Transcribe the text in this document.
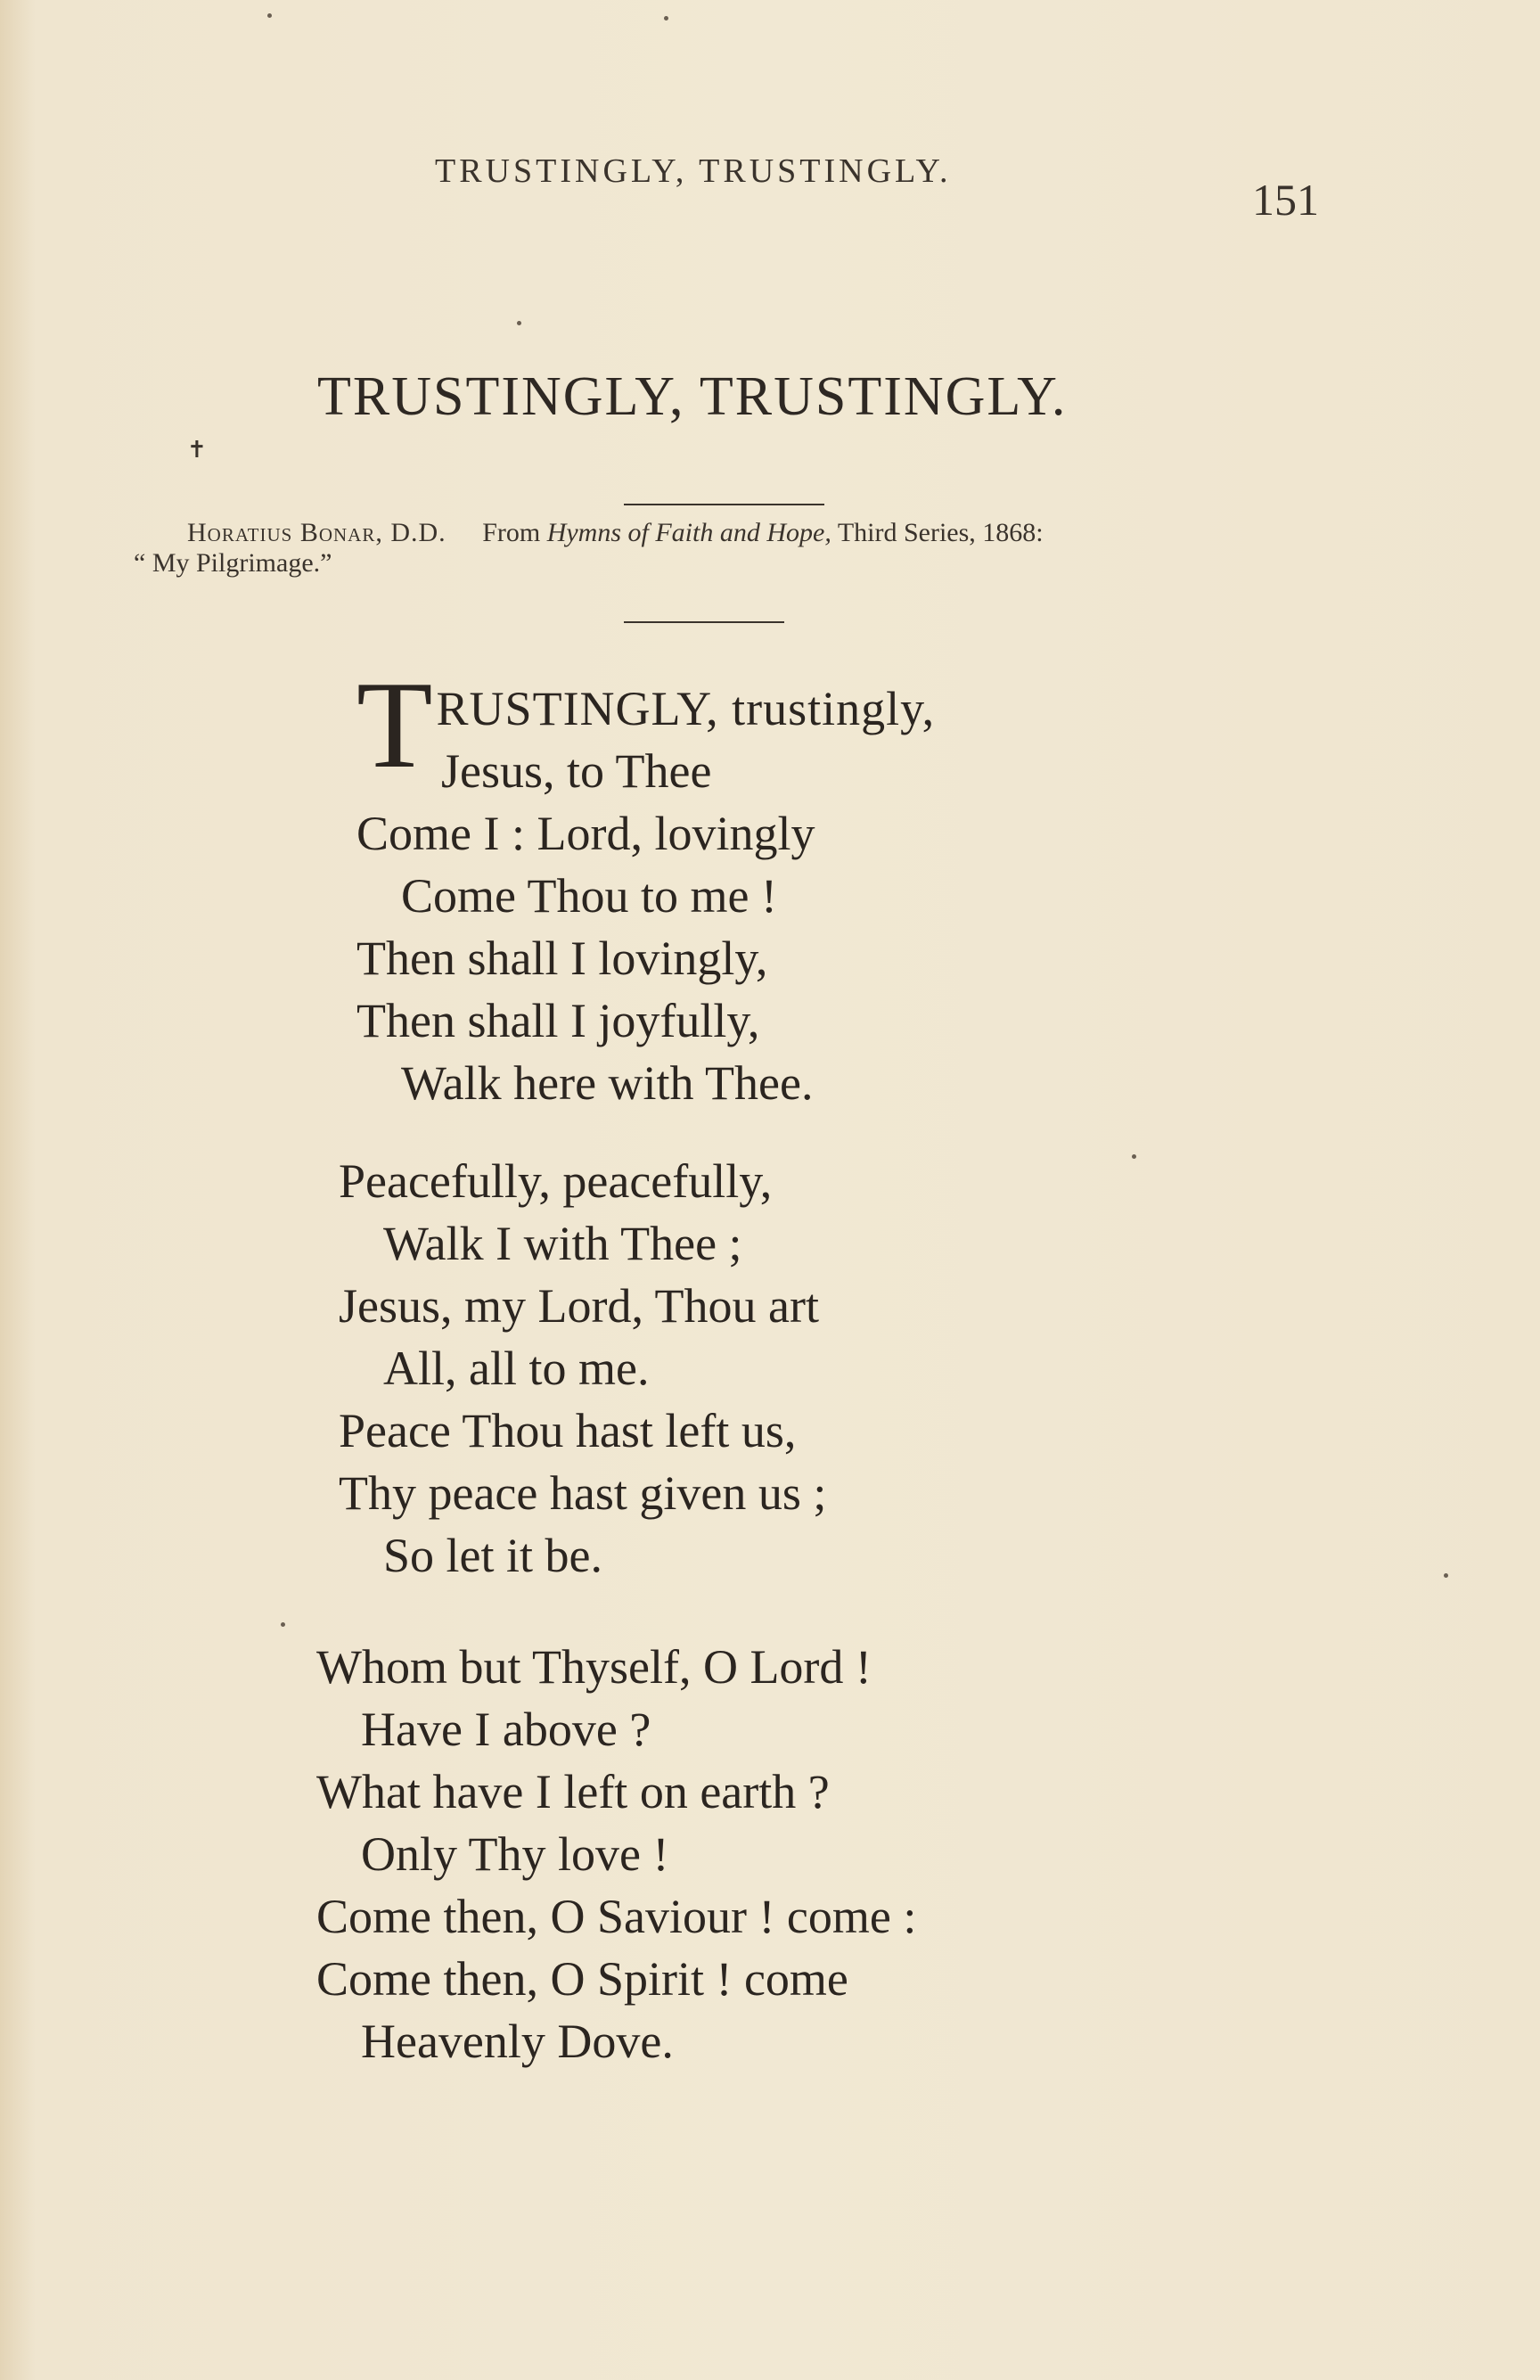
TRUSTINGLY, TRUSTINGLY.
151
TRUSTINGLY, TRUSTINGLY.
✝
Horatius Bonar, D.D. From Hymns of Faith and Hope, Third Series, 1868:
“ My Pilgrimage.”
TRUSTINGLY, trustingly,
Jesus, to Thee
Come I : Lord, lovingly
Come Thou to me !
Then shall I lovingly,
Then shall I joyfully,
Walk here with Thee.
Peacefully, peacefully,
Walk I with Thee ;
Jesus, my Lord, Thou art
All, all to me.
Peace Thou hast left us,
Thy peace hast given us ;
So let it be.
Whom but Thyself, O Lord !
Have I above ?
What have I left on earth ?
Only Thy love !
Come then, O Saviour ! come :
Come then, O Spirit ! come
Heavenly Dove.
